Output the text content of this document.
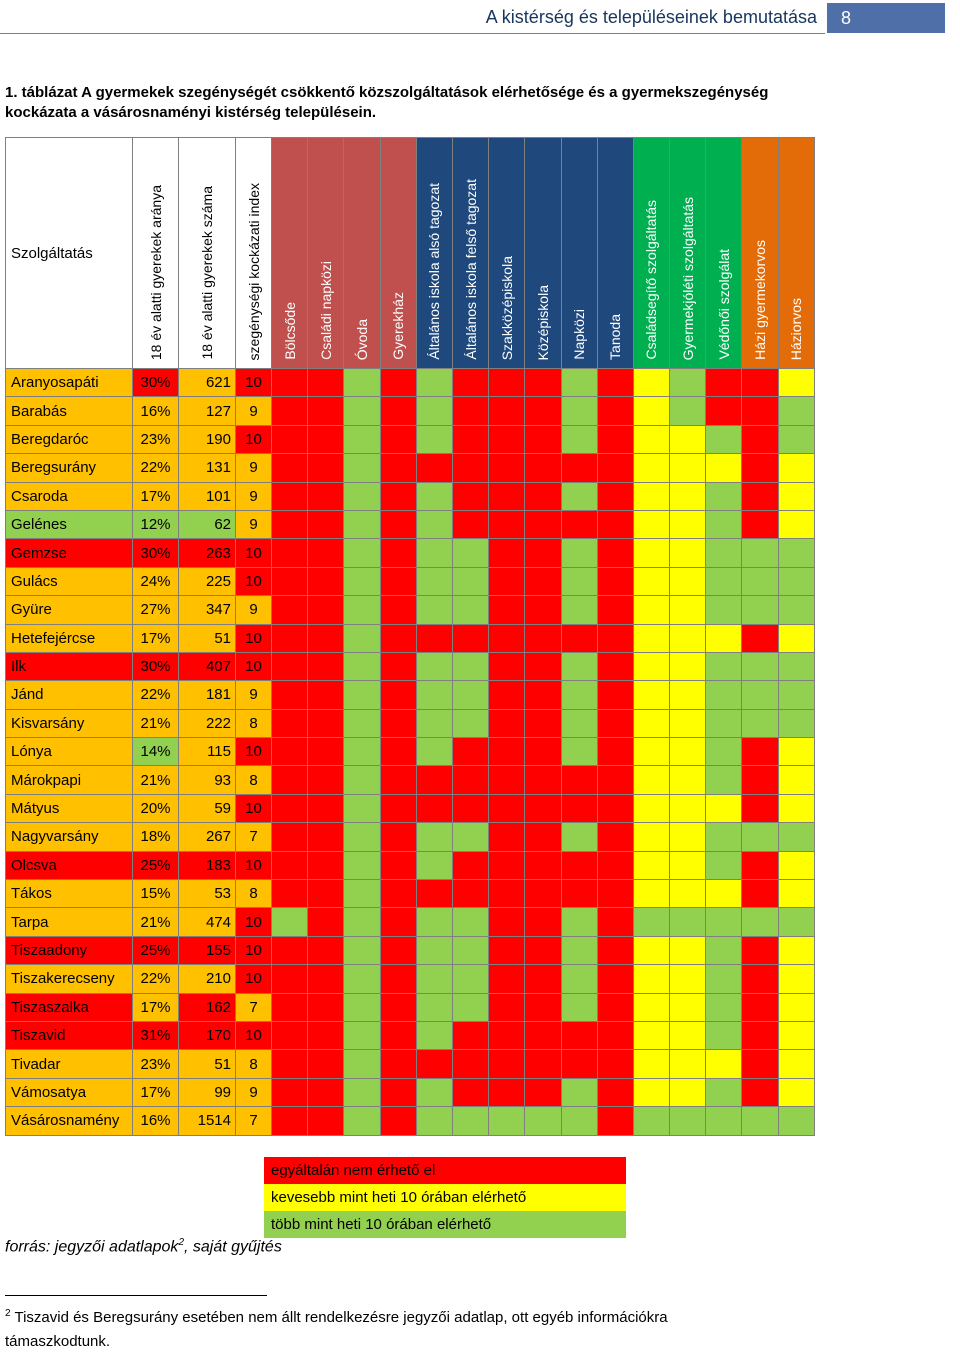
A kistérség és településeinek bemutatása	8
1. táblázat A gyermekek szegénységét csökkentő közszolgáltatások elérhetősége és a gyermekszegénység kockázata a vásárosnaményi kistérség településein.
Szolgáltatás	18 év alatti gyerekek aránya	18 év alatti gyerekek száma	szegénységi kockázati index	Bölcsőde	Családi napközi	Óvoda	Gyerekház	Általános iskola alsó tagozat	Általános iskola felső tagozat	Szakközépiskola	Középiskola	Napközi	Tanoda	Családsegítő szolgáltatás	Gyermekjóléti szolgáltatás	Védőnői szolgálat	Házi gyermekorvos	Háziorvos
Aranyosapáti	30%	621	10															
Barabás	16%	127	9															
Beregdaróc	23%	190	10															
Beregsurány	22%	131	9															
Csaroda	17%	101	9															
Gelénes	12%	62	9															
Gemzse	30%	263	10															
Gulács	24%	225	10															
Gyüre	27%	347	9															
Hetefejércse	17%	51	10															
Ilk	30%	407	10															
Jánd	22%	181	9															
Kisvarsány	21%	222	8															
Lónya	14%	115	10															
Márokpapi	21%	93	8															
Mátyus	20%	59	10															
Nagyvarsány	18%	267	7															
Olcsva	25%	183	10															
Tákos	15%	53	8															
Tarpa	21%	474	10															
Tiszaadony	25%	155	10															
Tiszakerecseny	22%	210	10															
Tiszaszalka	17%	162	7															
Tiszavid	31%	170	10															
Tivadar	23%	51	8															
Vámosatya	17%	99	9															
Vásárosnamény	16%	1514	7															
egyáltalán nem érhető el
kevesebb mint heti 10 órában elérhető
több mint heti 10 órában elérhető
forrás: jegyzői adatlapok$^2$, saját gyűjtés
$^2$ Tiszavid és Beregsurány esetében nem állt rendelkezésre jegyzői adatlap, ott egyéb információkra támaszkodtunk.
